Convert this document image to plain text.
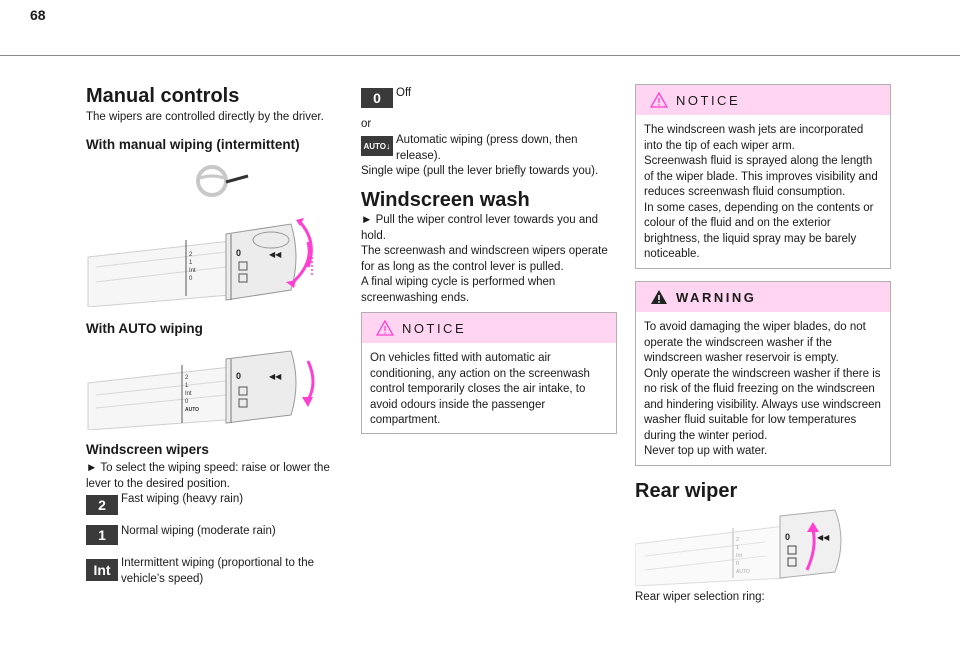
68
Manual controls
The wipers are controlled directly by the driver.
With manual wiping (intermittent)
2
1
Int
0
0	◀◀
With AUTO wiping
2
1
Int
0
AUTO
0	◀◀
Windscreen wipers
► To select the wiping speed: raise or lower the lever to the desired position.
2	Fast wiping (heavy rain)
1	Normal wiping (moderate rain)
Int Intermittent wiping (proportional to the vehicle’s speed)
0	Off
or
AUTO ↓ Automatic wiping (press down, then release).
Single wipe (pull the lever briefly towards you).
Windscreen wash
► Pull the wiper control lever towards you and hold.
The screenwash and windscreen wipers operate for as long as the control lever is pulled.
A final wiping cycle is performed when screenwashing ends.
NOTICE
On vehicles fitted with automatic air conditioning, any action on the screenwash control temporarily closes the air intake, to avoid odours inside the passenger compartment.
NOTICE
The windscreen wash jets are incorporated into the tip of each wiper arm.
Screenwash fluid is sprayed along the length of the wiper blade. This improves visibility and reduces screenwash fluid consumption.
In some cases, depending on the contents or colour of the fluid and on the exterior brightness, the liquid spray may be barely noticeable.
WARNING
To avoid damaging the wiper blades, do not operate the windscreen washer if the windscreen washer reservoir is empty.
Only operate the windscreen washer if there is no risk of the fluid freezing on the windscreen and hindering visibility. Always use windscreen washer fluid suitable for low temperatures during the winter period.
Never top up with water.
Rear wiper
2
1
Int
0
AUTO
0	◀◀
Rear wiper selection ring:
